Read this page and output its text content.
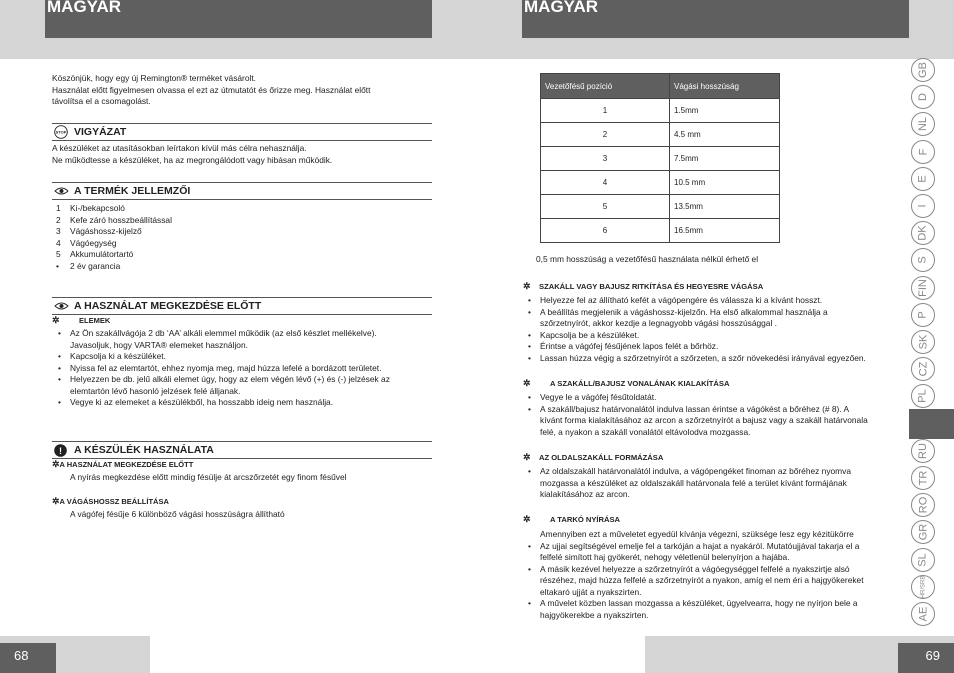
MAGYAR	MAGYAR
Köszönjük, hogy egy új Remington® terméket vásárolt.
Használat előtt figyelmesen olvassa el ezt az útmutatót és őrizze meg. Használat előtt
távolítsa el a csomagolást.
STOP VIGYÁZAT
A készüléket az utasításokban leírtakon kívül más célra nehasználja.
Ne működtesse a készüléket, ha az megrongálódott vagy hibásan működik.
A TERMÉK JELLEMZŐI
1 Ki-/bekapcsoló
2 Kefe záró hosszbeállítással
3 Vágáshossz-kijelző
4 Vágóegység
5 Akkumulátortartó
• 2 év garancia
A HASZNÁLAT MEGKEZDÉSE ELŐTT
✲	ELEMEK
• Az Ön szakállvágója 2 db ‘AA’ alkáli elemmel működik (az első készlet mellékelve).
Javasoljuk, hogy VARTA® elemeket használjon.
• Kapcsolja ki a készüléket.
• Nyissa fel az elemtartót, ehhez nyomja meg, majd húzza lefelé a bordázott területet.
• Helyezzen be db. jelű alkáli elemet úgy, hogy az elem végén lévő (+) és (-) jelzések az
elemtartón lévő hasonló jelzések felé álljanak.
• Vegye ki az elemeket a készülékből, ha hosszabb ideig nem használja.
! A KÉSZÜLÉK HASZNÁLATA
✲ A HASZNÁLAT MEGKEZDÉSE ELŐTT
A nyírás megkezdése előtt mindig fésülje át arcszőrzetét egy finom fésűvel
✲ A VÁGÁSHOSSZ BEÁLLÍTÁSA
A vágófej fésűje 6 különböző vágási hosszúságra állítható
Vezetőfésű pozíció	Vágási hosszúság
1	1.5mm
2	4.5 mm
3	7.5mm
4	10.5 mm
5	13.5mm
6	16.5mm
0,5 mm hosszúság a vezetőfésű használata nélkül érhető el
✲	SZAKÁLL VAGY BAJUSZ RITKÍTÁSA ÉS HEGYESRE VÁGÁSA
• Helyezze fel az állítható kefét a vágópengére és válassza ki a kívánt hosszt.
• A beállítás megjelenik a vágáshossz-kijelzőn. Ha első alkalommal használja a
szőrzetnyírót, akkor kezdje a legnagyobb vágási hosszúsággal .
• Kapcsolja be a készüléket.
• Érintse a vágófej fésűjének lapos felét a bőrhöz.
• Lassan húzza végig a szőrzetnyírót a szőrzeten, a szőr növekedési irányával egyezően.
✲	A SZAKÁLL/BAJUSZ VONALÁNAK KIALAKÍTÁSA
• Vegye le a vágófej fésűtoldatát.
• A szakáll/bajusz határvonalától indulva lassan érintse a vágókést a bőréhez (# 8). A
kívánt forma kialakításához az arcon a szőrzetnyírót a bajusz vagy a szakáll határvonala
felé, a nyakon a szakáll vonalától eltávolodva mozgassa.
✲	AZ OLDALSZAKÁLL FORMÁZÁSA
• Az oldalszakáll határvonalától indulva, a vágópengéket finoman az bőréhez nyomva
mozgassa a készüléket az oldalszakáll határvonala felé a terület kívánt formájának
kialakításához az arcon.
✲	A TARKÓ NYÍRÁSA
Amennyiben ezt a műveletet egyedül kívánja végezni, szüksége lesz egy kézitükörre
• Az ujjai segítségével emelje fel a tarkóján a hajat a nyakáról. Mutatóujjával takarja el a
felfelé simított haj gyökerét, nehogy véletlenül belenyírjon a hajába.
• A másik kezével helyezze a szőrzetnyírót a vágóegységgel felfelé a nyakszirtje alsó
részéhez, majd húzza felfelé a szőrzetnyírót a nyakon, amíg el nem éri a hajgyökereket
eltakaró ujját a nyakszirten.
• A művelet közben lassan mozgassa a készüléket, ügyelvearra, hogy ne nyírjon bele a
hajgyökerekbe a nyakszirten.
GB
D
NL
F
E
I
DK
S
FIN
P
SK
CZ
PL
RU
TR
RO
GR
SL
HR/SRB
AE
68	69
